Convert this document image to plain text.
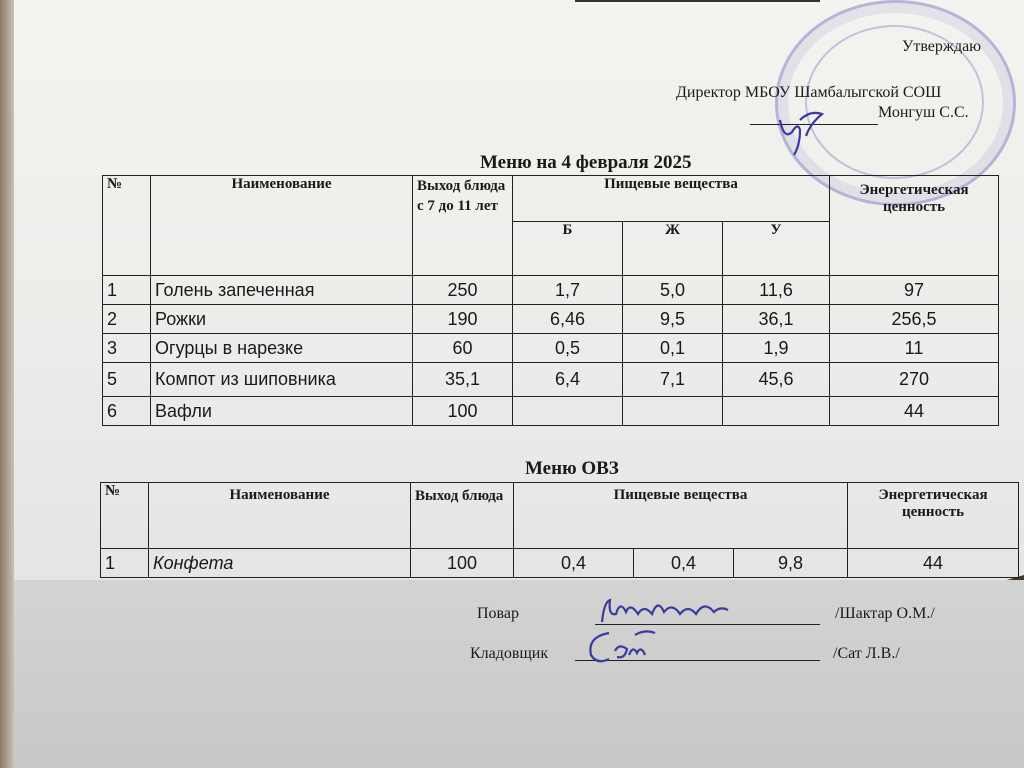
Утверждаю
Директор МБОУ Шамбалыгской СОШ
Монгуш С.С.
Меню на 4 февраля 2025
№	Наименование	Выход блюда с 7 до 11 лет	Пищевые вещества			Энергетическая ценность
			Б	Ж	У	
1	Голень запеченная	250	1,7	5,0	11,6	97
2	Рожки	190	6,46	9,5	36,1	256,5
3	Огурцы в нарезке	60	0,5	0,1	1,9	11
5	Компот из шиповника	35,1	6,4	7,1	45,6	270
6	Вафли	100				44
Меню ОВЗ
№	Наименование	Выход блюда	Пищевые вещества			Энергетическая ценность
1	Конфета	100	0,4	0,4	9,8	44
Повар	/Шактар О.М./
Кладовщик	/Сат Л.В./
